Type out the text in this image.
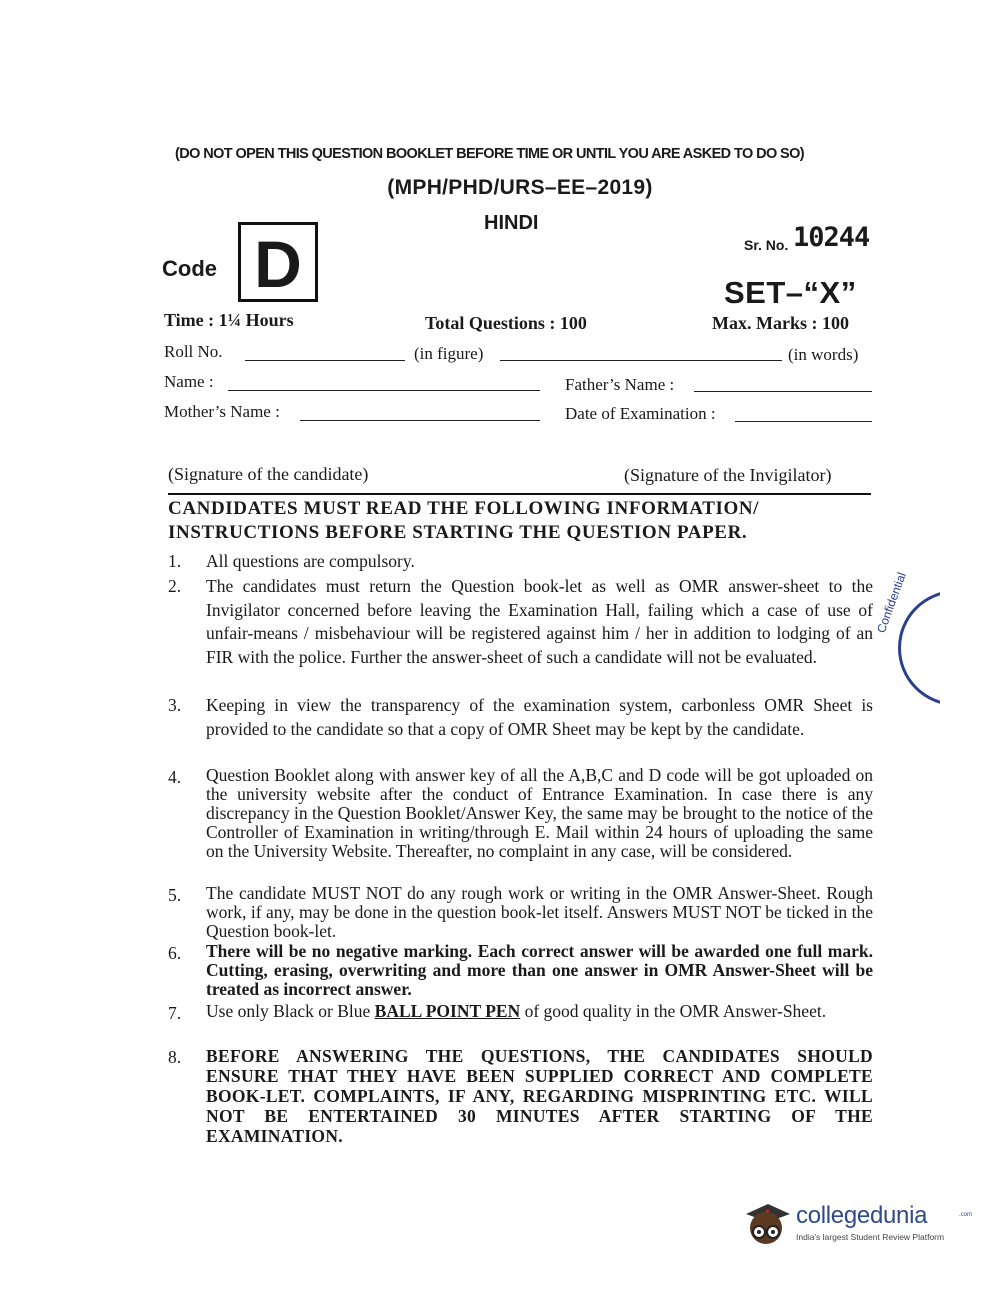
(DO NOT OPEN THIS QUESTION BOOKLET BEFORE TIME OR UNTIL YOU ARE ASKED TO DO SO)
(MPH/PHD/URS–EE–2019)
HINDI
Code D	Sr. No. 10244
SET–“X”
Time : 1¼ Hours	Total Questions : 100	Max. Marks : 100
Roll No.	(in figure)	(in words)
Name :	Father’s Name :
Mother’s Name :	Date of Examination :
(Signature of the candidate)	(Signature of the Invigilator)
CANDIDATES MUST READ THE FOLLOWING INFORMATION/
INSTRUCTIONS BEFORE STARTING THE QUESTION PAPER.
1.	All questions are compulsory.
2.	The candidates must return the Question book-let as well as OMR answer-sheet to the Invigilator concerned before leaving the Examination Hall, failing which a case of use of unfair-means / misbehaviour will be registered against him / her in addition to lodging of an FIR with the police. Further the answer-sheet of such a candidate will not be evaluated.
3.	Keeping in view the transparency of the examination system, carbonless OMR Sheet is provided to the candidate so that a copy of OMR Sheet may be kept by the candidate.
4.	Question Booklet along with answer key of all the A,B,C and D code will be got uploaded on the university website after the conduct of Entrance Examination. In case there is any discrepancy in the Question Booklet/Answer Key, the same may be brought to the notice of the Controller of Examination in writing/through E. Mail within 24 hours of uploading the same on the University Website. Thereafter, no complaint in any case, will be considered.
5.	The candidate MUST NOT do any rough work or writing in the OMR Answer-Sheet. Rough work, if any, may be done in the question book-let itself. Answers MUST NOT be ticked in the Question book-let.
6.	There will be no negative marking. Each correct answer will be awarded one full mark. Cutting, erasing, overwriting and more than one answer in OMR Answer-Sheet will be treated as incorrect answer.
7.	Use only Black or Blue BALL POINT PEN of good quality in the OMR Answer-Sheet.
8.	BEFORE ANSWERING THE QUESTIONS, THE CANDIDATES SHOULD ENSURE THAT THEY HAVE BEEN SUPPLIED CORRECT AND COMPLETE BOOK-LET. COMPLAINTS, IF ANY, REGARDING MISPRINTING ETC. WILL NOT BE ENTERTAINED 30 MINUTES AFTER STARTING OF THE EXAMINATION.
Confidential
collegedunia	.com
India's largest Student Review Platform
